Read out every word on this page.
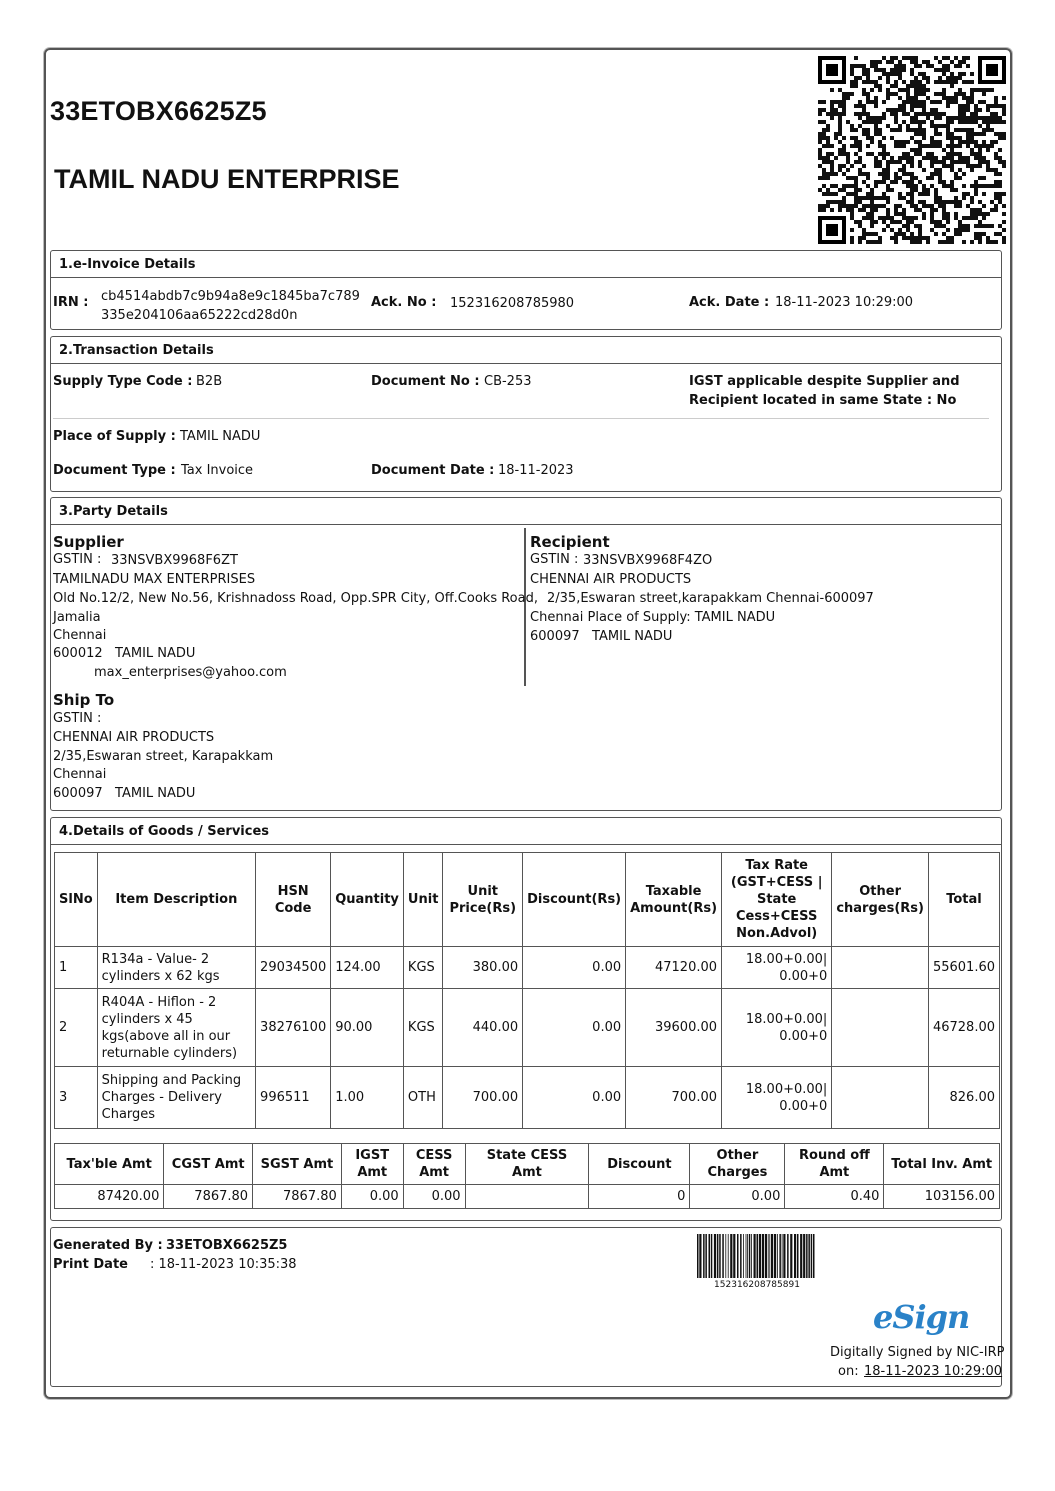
33ETOBX6625Z5
TAMIL NADU ENTERPRISE
1.e-Invoice Details
IRN : cb4514abdb7c9b94a8e9c1845ba7c789
335e204106aa65222cd28d0n
Ack. No : 152316208785980	Ack. Date : 18-11-2023 10:29:00
2.Transaction Details
Supply Type Code : B2B	Document No : CB-253	IGST applicable despite Supplier and
Recipient located in same State : No
Place of Supply : TAMIL NADU
Document Type : Tax Invoice	Document Date : 18-11-2023
3.Party Details
Supplier
GSTIN : 33NSVBX9968F6ZT
TAMILNADU MAX ENTERPRISES
Old No.12/2, New No.56, Krishnadoss Road, Opp.SPR City, Off.Cooks Road,
Jamalia
Chennai
600012   TAMIL NADU
max_enterprises@yahoo.com
Recipient
GSTIN : 33NSVBX9968F4ZO
CHENNAI AIR PRODUCTS
2/35,Eswaran street,karapakkam Chennai-600097
Chennai Place of Supply: TAMIL NADU
600097   TAMIL NADU
Ship To
GSTIN :
CHENNAI AIR PRODUCTS
2/35,Eswaran street, Karapakkam
Chennai
600097   TAMIL NADU
4.Details of Goods / Services
SlNo	Item Description	HSN Code	Quantity	Unit	Unit Price(Rs)	Discount(Rs)	Taxable Amount(Rs)	Tax Rate (GST+CESS | State Cess+CESS Non.Advol)	Other charges(Rs)	Total
1	R134a - Value- 2 cylinders x 62 kgs	29034500	124.00	KGS	380.00	0.00	47120.00	18.00+0.00|
0.00+0		55601.60
2	R404A - Hiflon - 2 cylinders x 45 kgs(above all in our returnable cylinders)	38276100	90.00	KGS	440.00	0.00	39600.00	18.00+0.00|
0.00+0		46728.00
3	Shipping and Packing Charges - Delivery Charges	996511	1.00	OTH	700.00	0.00	700.00	18.00+0.00|
0.00+0		826.00
Tax'ble Amt	CGST Amt	SGST Amt	IGST Amt	CESS Amt	State CESS Amt	Discount	Other Charges	Round off Amt	Total Inv. Amt
87420.00	7867.80	7867.80	0.00	0.00		0	0.00	0.40	103156.00
Generated By : 33ETOBX6625Z5
Print Date : 18-11-2023 10:35:38
152316208785891
eSign
Digitally Signed by NIC-IRP
on: 18-11-2023 10:29:00
